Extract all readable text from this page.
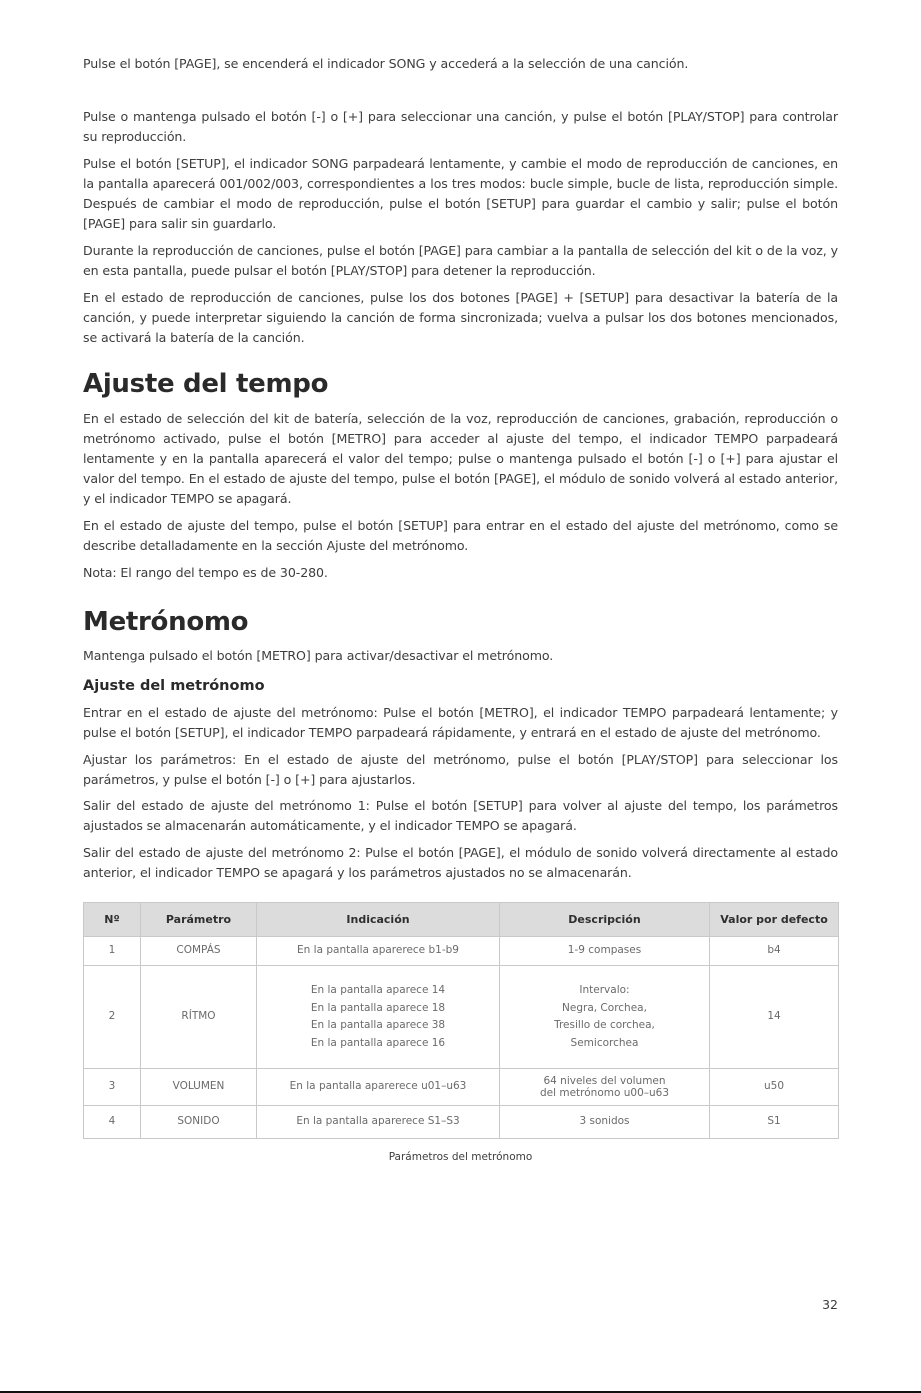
Pulse el botón [PAGE], se encenderá el indicador SONG y accederá a la selección de una canción.

Pulse o mantenga pulsado el botón [-] o [+] para seleccionar una canción, y pulse el botón [PLAY/STOP] para controlar su reproducción.

Pulse el botón [SETUP], el indicador SONG parpadeará lentamente, y cambie el modo de reproducción de canciones, en la pantalla aparecerá 001/002/003, correspondientes a los tres modos: bucle simple, bucle de lista, reproducción simple. Después de cambiar el modo de reproducción, pulse el botón [SETUP] para guardar el cambio y salir; pulse el botón [PAGE] para salir sin guardarlo.

Durante la reproducción de canciones, pulse el botón [PAGE] para cambiar a la pantalla de selección del kit o de la voz, y en esta pantalla, puede pulsar el botón [PLAY/STOP] para detener la reproducción.

En el estado de reproducción de canciones, pulse los dos botones [PAGE] + [SETUP] para desactivar la batería de la canción, y puede interpretar siguiendo la canción de forma sincronizada; vuelva a pulsar los dos botones mencionados, se activará la batería de la canción.

Ajuste del tempo

En el estado de selección del kit de batería, selección de la voz, reproducción de canciones, grabación, reproducción o metrónomo activado, pulse el botón [METRO] para acceder al ajuste del tempo, el indicador TEMPO parpadeará lentamente y en la pantalla aparecerá el valor del tempo; pulse o mantenga pulsado el botón [-] o [+] para ajustar el valor del tempo. En el estado de ajuste del tempo, pulse el botón [PAGE], el módulo de sonido volverá al estado anterior, y el indicador TEMPO se apagará.

En el estado de ajuste del tempo, pulse el botón [SETUP] para entrar en el estado del ajuste del metrónomo, como se describe detalladamente en la sección Ajuste del metrónomo.

Nota: El rango del tempo es de 30-280.

Metrónomo

Mantenga pulsado el botón [METRO] para activar/desactivar el metrónomo.

Ajuste del metrónomo

Entrar en el estado de ajuste del metrónomo: Pulse el botón [METRO], el indicador TEMPO parpadeará lentamente; y pulse el botón [SETUP], el indicador TEMPO parpadeará rápidamente, y entrará en el estado de ajuste del metrónomo.

Ajustar los parámetros: En el estado de ajuste del metrónomo, pulse el botón [PLAY/STOP] para seleccionar los parámetros, y pulse el botón [-] o [+] para ajustarlos.

Salir del estado de ajuste del metrónomo 1: Pulse el botón [SETUP] para volver al ajuste del tempo, los parámetros ajustados se almacenarán automáticamente, y el indicador TEMPO se apagará.

Salir del estado de ajuste del metrónomo 2: Pulse el botón [PAGE], el módulo de sonido volverá directamente al estado anterior, el indicador TEMPO se apagará y los parámetros ajustados no se almacenarán.

Nº	Parámetro	Indicación	Descripción	Valor por defecto
1	COMPÁS	En la pantalla aparerece b1-b9	1-9 compases	b4
2	RÍTMO	En la pantalla aparece 14
En la pantalla aparece 18
En la pantalla aparece 38
En la pantalla aparece 16	Intervalo:
Negra, Corchea,
Tresillo de corchea,
Semicorchea	14
3	VOLUMEN	En la pantalla aparerece u01–u63	64 niveles del volumen
del metrónomo u00–u63	u50
4	SONIDO	En la pantalla aparerece S1–S3	3 sonidos	S1
Parámetros del metrónomo
32
